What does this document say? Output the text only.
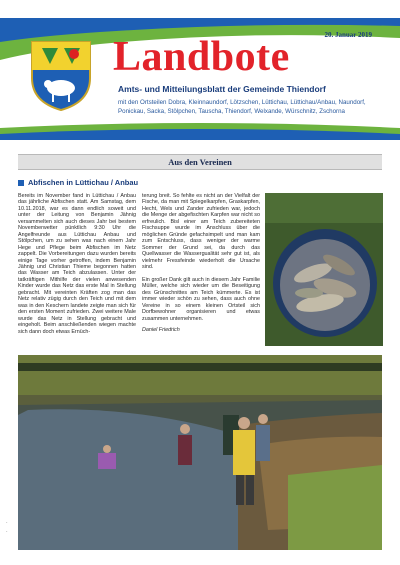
20. Januar 2019
Landbote
Amts- und Mitteilungsblatt der Gemeinde Thiendorf
mit den Ortsteilen Dobra, Kleinnaundorf, Lötzschen, Lüttichau, Lüttichau/Anbau, Naundorf, Ponickau, Sacka, Stölpchen, Tauscha, Thiendorf, Welxande, Würschnitz, Zschorna
Aus den Vereinen
Abfischen in Lüttichau / Anbau
Bereits im November fand in Lüttichau / Anbau das jährliche Abfischen statt. Am Samstag, dem 10.11.2018, war es dann endlich soweit und unter der Leitung von Benjamin Jähnig versammelten sich auch dieses Jahr bei bestem Novemberwetter pünktlich 9:30 Uhr die Angelfreunde aus Lüttichau Anbau und Stölpchen, um zu sehen was nach einem Jahr Hege und Pflege beim Abfischen im Netz zappelt. Die Vorbereitungen dazu wurden bereits einige Tage vorher getroffen, indem Benjamin Jähnig und Christian Thieme begonnen hatten das Wasser am Teich abzulassen. Unter der tatkräftigen Mithilfe der vielen anwesenden Kinder wurde das Netz das erste Mal in Stellung gebracht. Mit vereinten Kräften zog man das Netz relativ zügig durch den Teich und mit dem was in den Keschern landete zeigte man sich für den ersten Moment zufrieden. Zwei weitere Male wurde das Netz in Stellung gebracht und eingeholt. Beim anschließenden wiegen machte sich dann doch etwas Ernüch-
terung breit. So fehlte es nicht an der Vielfalt der Fische, da man mit Spiegelkarpfen, Graskarpfen, Hecht, Wels und Zander zufrieden war, jedoch die Menge der abgefischten Karpfen war nicht so erfreulich. Bisl einer am Teich zubereiteten Fischsuppe wurde im Anschluss über die möglichen Gründe gefachsimpelt und man kam zum Entschluss, dass weniger der warme Sommer der Grund sei, da durch das Quellwasser die Wassergualität sehr gut ist, als vielmehr Fressfeinde wiederholt die Ursache sind.

Ein großer Dank gilt auch in diesem Jahr Familie Müller, welche sich wieder um die Beseitigung des Grünschnittes am Teich kümmerte. Es ist immer wieder schön zu sehen, dass auch ohne Vereine in so einem kleinen Ortsteil sich Dorfbewohner organisieren und etwas zusammen unternehmen.
Daniel Friedrich
·
·
